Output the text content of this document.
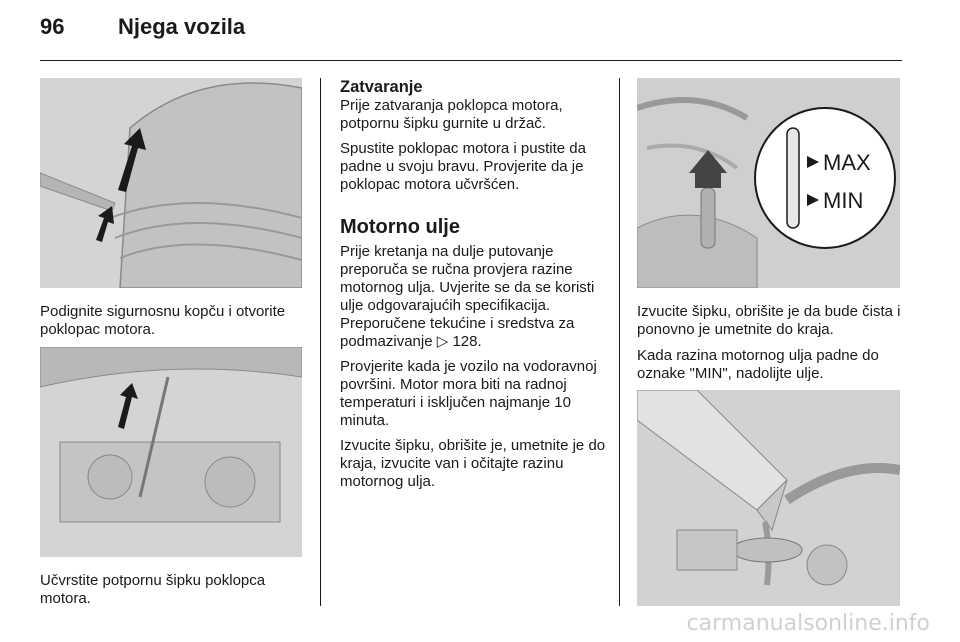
96 Njega vozila
Podignite sigurnosnu kopču i otvorite poklopac motora.
Učvrstite potpornu šipku poklopca motora.
Zatvaranje

Prije zatvaranja poklopca motora, potpornu šipku gurnite u držač.

Spustite poklopac motora i pustite da padne u svoju bravu. Provjerite da je poklopac motora učvršćen.

Motorno ulje

Prije kretanja na dulje putovanje preporuča se ručna provjera razine motornog ulja. Uvjerite se da se koristi ulje odgovarajućih specifikacija. Preporučene tekućine i sredstva za podmazivanje ▷ 128.

Provjerite kada je vozilo na vodoravnoj površini. Motor mora biti na radnoj temperaturi i isključen najmanje 10 minuta.

Izvucite šipku, obrišite je, umetnite je do kraja, izvucite van i očitajte razinu motornog ulja.

MAX
MIN
Izvucite šipku, obrišite je da bude čista i ponovno je umetnite do kraja.
Kada razina motornog ulja padne do oznake "MIN", nadolijte ulje.
carmanualsonline.info
